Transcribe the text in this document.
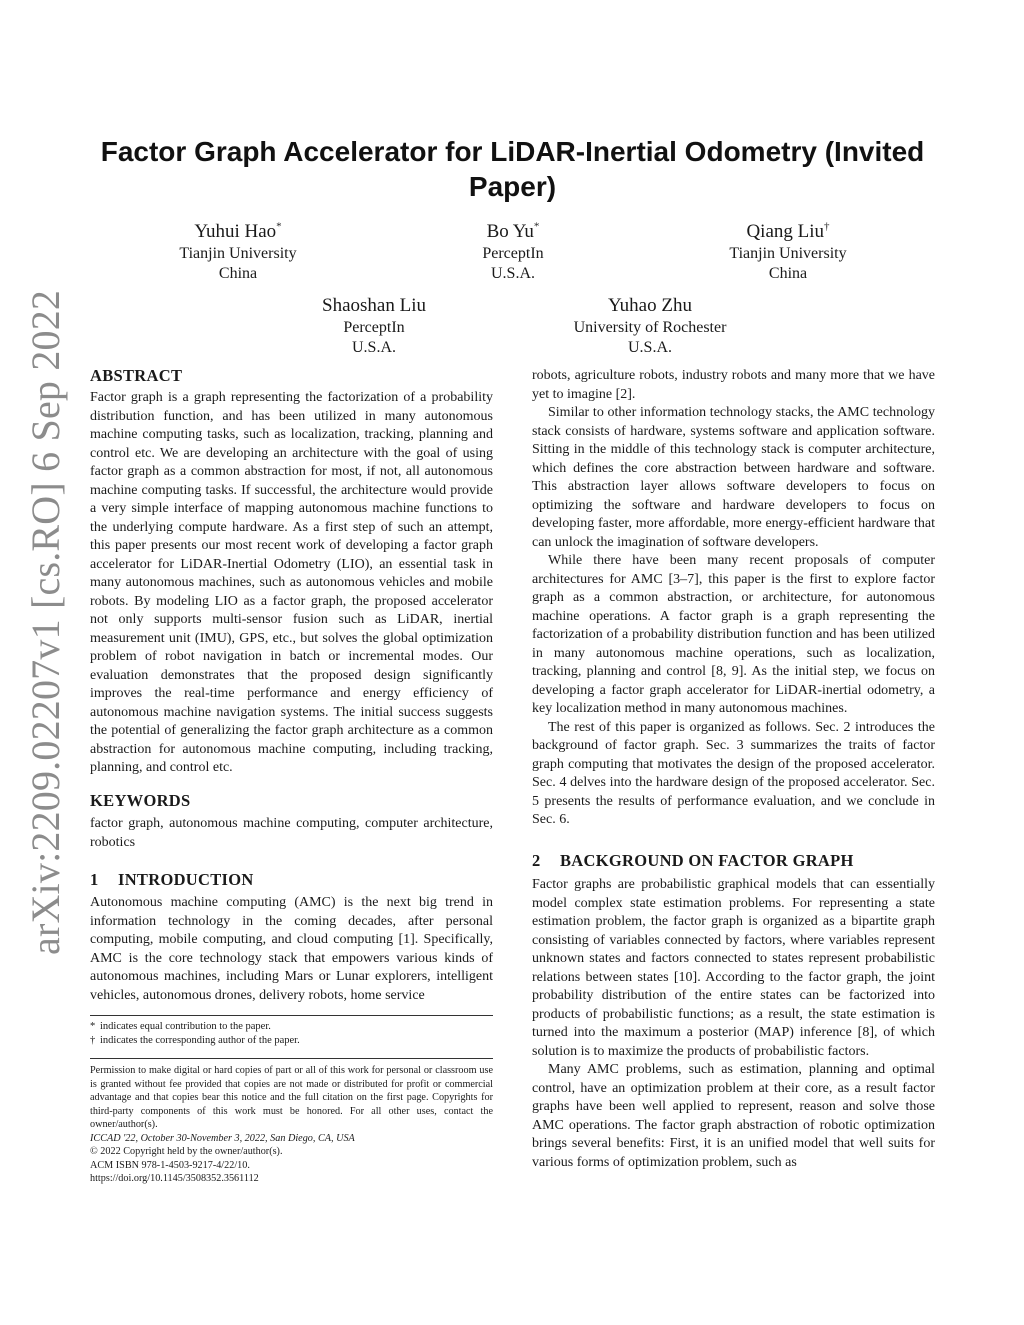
arXiv:2209.02207v1 [cs.RO] 6 Sep 2022
Factor Graph Accelerator for LiDAR-Inertial Odometry (Invited
Paper)
Yuhui Hao*
Tianjin University
China
Bo Yu*
PerceptIn
U.S.A.
Qiang Liu†
Tianjin University
China
Shaoshan Liu
PerceptIn
U.S.A.
Yuhao Zhu
University of Rochester
U.S.A.
ABSTRACT

Factor graph is a graph representing the factorization of a probability distribution function, and has been utilized in many autonomous machine computing tasks, such as localization, tracking, planning and control etc. We are developing an architecture with the goal of using factor graph as a common abstraction for most, if not, all autonomous machine computing tasks. If successful, the architecture would provide a very simple interface of mapping autonomous machine functions to the underlying compute hardware. As a first step of such an attempt, this paper presents our most recent work of developing a factor graph accelerator for LiDAR-Inertial Odometry (LIO), an essential task in many autonomous machines, such as autonomous vehicles and mobile robots. By modeling LIO as a factor graph, the proposed accelerator not only supports multi-sensor fusion such as LiDAR, inertial measurement unit (IMU), GPS, etc., but solves the global optimization problem of robot navigation in batch or incremental modes. Our evaluation demonstrates that the proposed design significantly improves the real-time performance and energy efficiency of autonomous machine navigation systems. The initial success suggests the potential of generalizing the factor graph architecture as a common abstraction for autonomous machine computing, including tracking, planning, and control etc.

KEYWORDS

factor graph, autonomous machine computing, computer architecture, robotics

1 INTRODUCTION

Autonomous machine computing (AMC) is the next big trend in information technology in the coming decades, after personal computing, mobile computing, and cloud computing [1]. Specifically, AMC is the core technology stack that empowers various kinds of autonomous machines, including Mars or Lunar explorers, intelligent vehicles, autonomous drones, delivery robots, home service

* indicates equal contribution to the paper.
† indicates the corresponding author of the paper.

Permission to make digital or hard copies of part or all of this work for personal or classroom use is granted without fee provided that copies are not made or distributed for profit or commercial advantage and that copies bear this notice and the full citation on the first page. Copyrights for third-party components of this work must be honored. For all other uses, contact the owner/author(s).

ICCAD '22, October 30-November 3, 2022, San Diego, CA, USA

© 2022 Copyright held by the owner/author(s).

ACM ISBN 978-1-4503-9217-4/22/10.

https://doi.org/10.1145/3508352.3561112

robots, agriculture robots, industry robots and many more that we have yet to imagine [2].

Similar to other information technology stacks, the AMC technology stack consists of hardware, systems software and application software. Sitting in the middle of this technology stack is computer architecture, which defines the core abstraction between hardware and software. This abstraction layer allows software developers to focus on optimizing the software and hardware developers to focus on developing faster, more affordable, more energy-efficient hardware that can unlock the imagination of software developers.

While there have been many recent proposals of computer architectures for AMC [3–7], this paper is the first to explore factor graph as a common abstraction, or architecture, for autonomous machine operations. A factor graph is a graph representing the factorization of a probability distribution function and has been utilized in many autonomous machine operations, such as localization, tracking, planning and control [8, 9]. As the initial step, we focus on developing a factor graph accelerator for LiDAR-inertial odometry, a key localization method in many autonomous machines.

The rest of this paper is organized as follows. Sec. 2 introduces the background of factor graph. Sec. 3 summarizes the traits of factor graph computing that motivates the design of the proposed accelerator. Sec. 4 delves into the hardware design of the proposed accelerator. Sec. 5 presents the results of performance evaluation, and we conclude in Sec. 6.

2 BACKGROUND ON FACTOR GRAPH

Factor graphs are probabilistic graphical models that can essentially model complex state estimation problems. For representing a state estimation problem, the factor graph is organized as a bipartite graph consisting of variables connected by factors, where variables represent unknown states and factors connected to states represent probabilistic relations between states [10]. According to the factor graph, the joint probability distribution of the entire states can be factorized into products of probabilistic functions; as a result, the state estimation is turned into the maximum a posterior (MAP) inference [8], of which solution is to maximize the products of probabilistic factors.

Many AMC problems, such as estimation, planning and optimal control, have an optimization problem at their core, as a result factor graphs have been well applied to represent, reason and solve those AMC operations. The factor graph abstraction of robotic optimization brings several benefits: First, it is an unified model that well suits for various forms of optimization problem, such as
